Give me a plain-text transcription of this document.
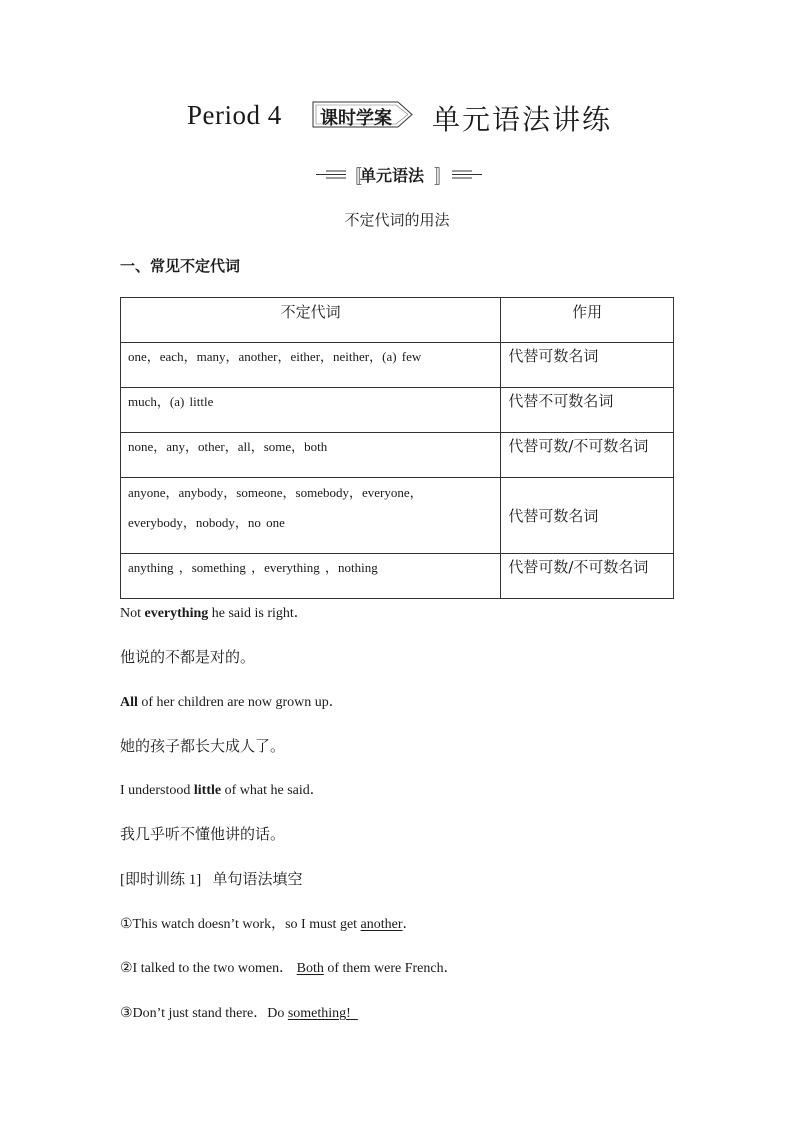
Period 4 课时学案 单元语法讲练
〚
单元语法 〛
不定代词的用法
一、常见不定代词
不定代词	作用
one，each，many，another，either，neither，(a) few	代替可数名词
much，(a) little	代替不可数名词
none，any，other，all，some，both	代替可数/不可数名词

anyone，anybody，someone，somebody，everyone，
everybody，nobody，no one	代替可数名词
anything ，something ，everything ，nothing	代替可数/不可数名词
Not everything he said is right．
他说的不都是对的。
All of her children are now grown up．
她的孩子都长大成人了。
I understood little of what he said．
我几乎听不懂他讲的话。
[即时训练 1] 单句语法填空
①This watch doesn’t work，so I must get another．
②I talked to the two women． Both of them were French．
③Don’t just stand there．Do something!
